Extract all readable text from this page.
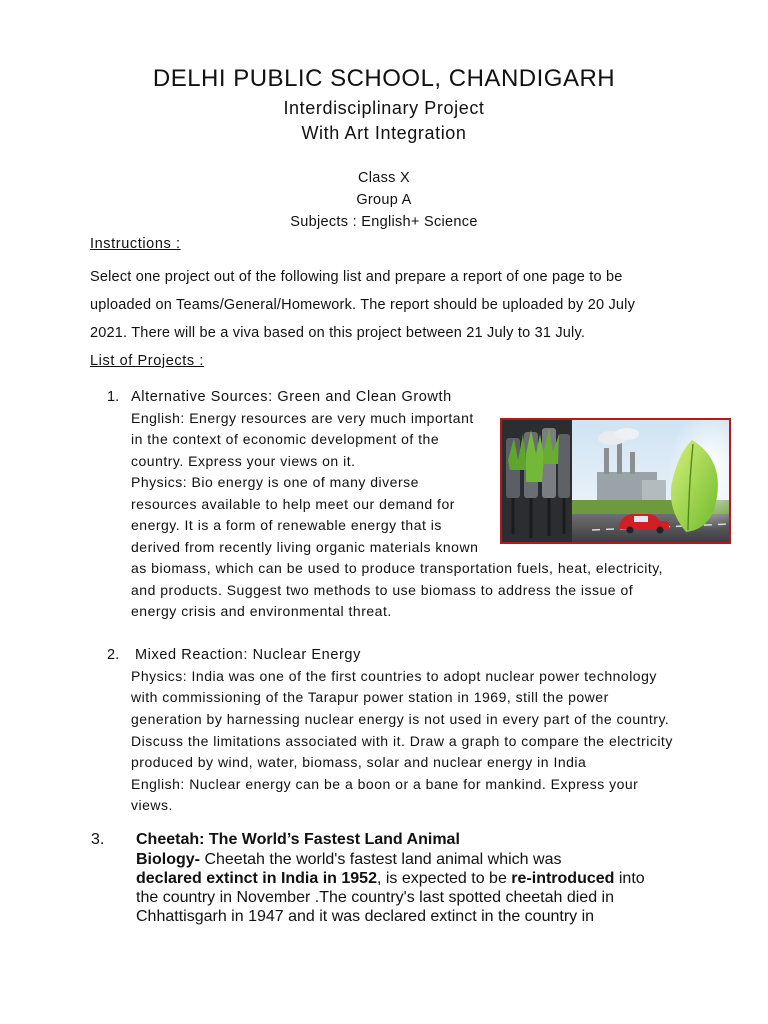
DELHI PUBLIC SCHOOL, CHANDIGARH
Interdisciplinary Project
With Art Integration
Class X
Group A
Subjects : English+ Science
Instructions :
Select one project out of the following list and prepare a report of one page to be
uploaded on Teams/General/Homework. The report should be uploaded by 20 July
2021. There will be a viva based on this project between 21 July to 31 July.
List of Projects :
1. Alternative Sources: Green and Clean Growth
English: Energy resources are very much important
in the context of economic development of the
country. Express your views on it.
Physics: Bio energy is one of many diverse
resources available to help meet our demand for
energy. It is a form of renewable energy that is
derived from recently living organic materials known
as biomass, which can be used to produce transportation fuels, heat, electricity,
and products. Suggest two methods to use biomass to address the issue of
energy crisis and environmental threat.
2. Mixed Reaction: Nuclear Energy
Physics: India was one of the first countries to adopt nuclear power technology
with commissioning of the Tarapur power station in 1969, still the power
generation by harnessing nuclear energy is not used in every part of the country.
Discuss the limitations associated with it. Draw a graph to compare the electricity
produced by wind, water, biomass, solar and nuclear energy in India
English: Nuclear energy can be a boon or a bane for mankind. Express your
views.
3. Cheetah: The World’s Fastest Land Animal
Biology- Cheetah the world's fastest land animal which was
declared extinct in India in 1952, is expected to be re-introduced into
the country in November .The country's last spotted cheetah died in
Chhattisgarh in 1947 and it was declared extinct in the country in
